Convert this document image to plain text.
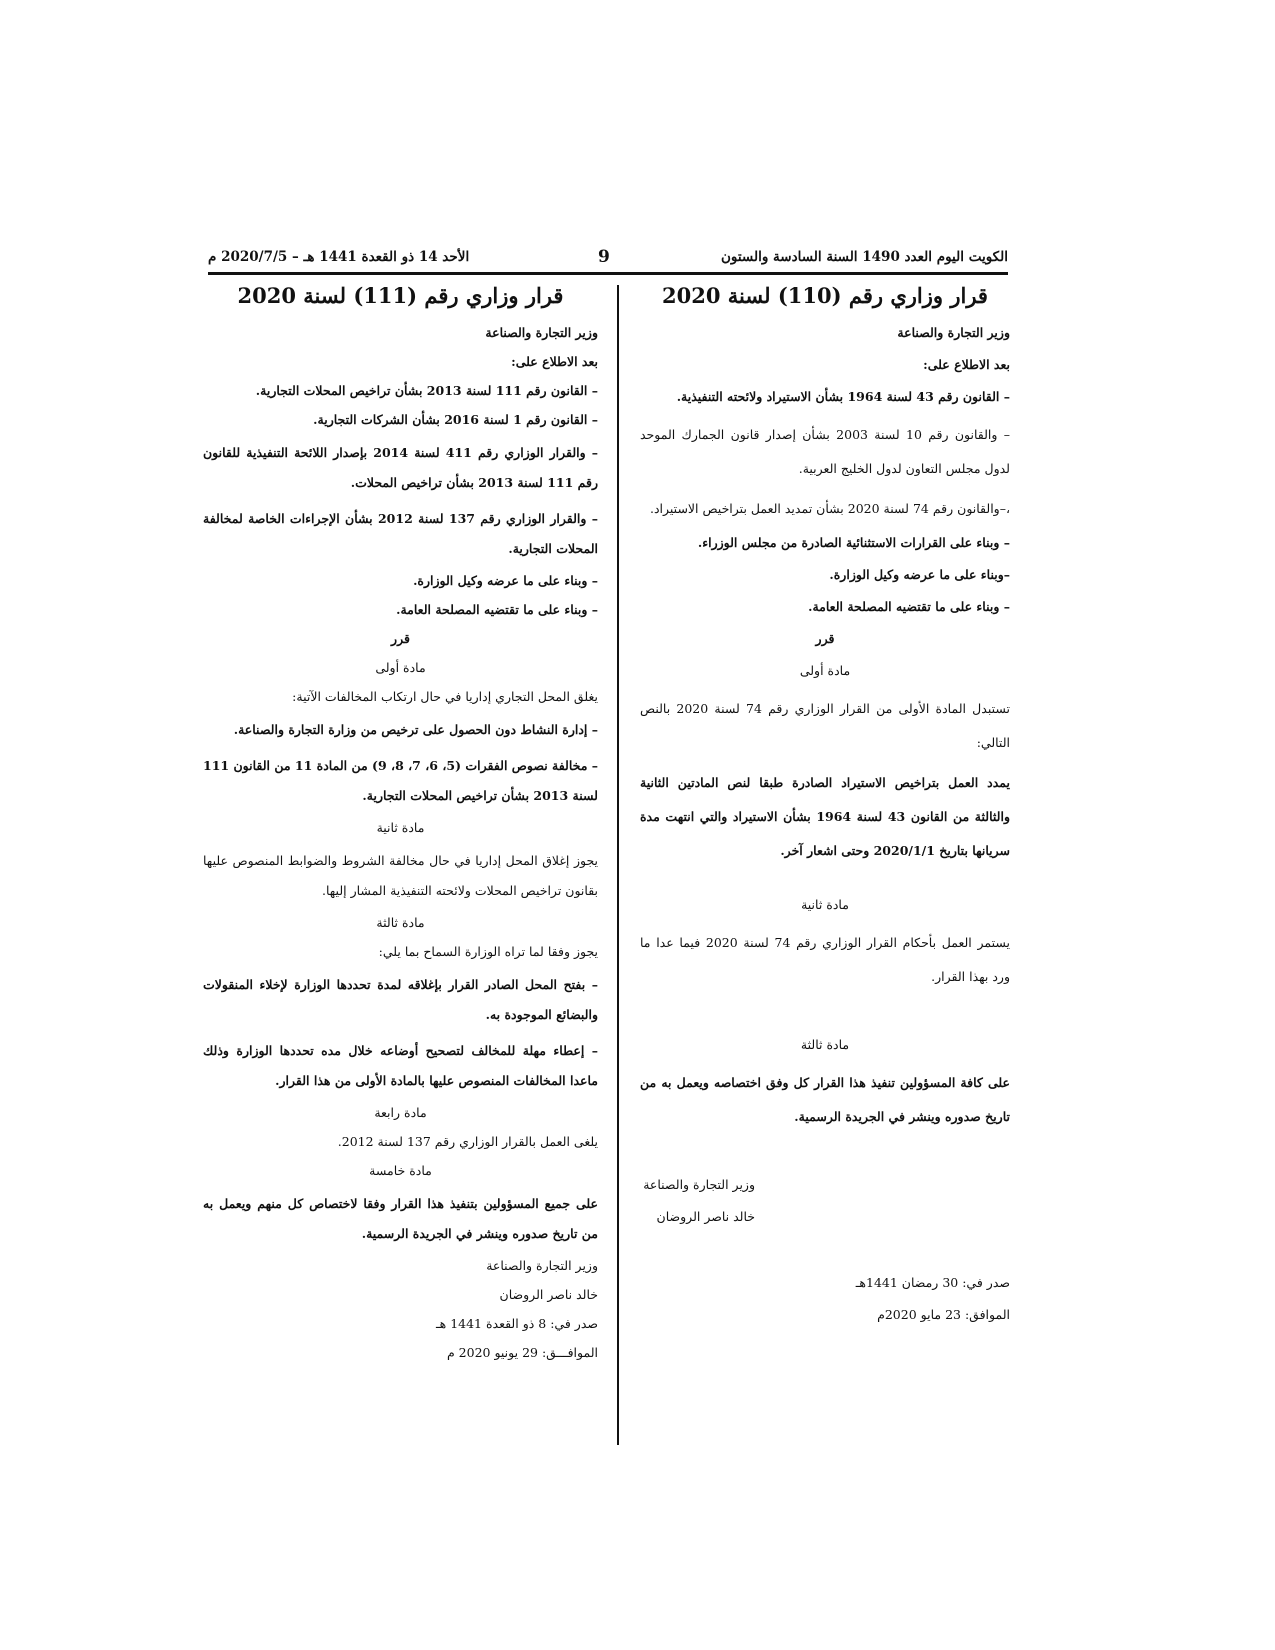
الكويت اليوم العدد 1490 السنة السادسة والستون
9
الأحد 14 ذو القعدة 1441 هـ – 2020/7/5 م
قرار وزاري رقم (110) لسنة 2020
وزير التجارة والصناعة
بعد الاطلاع على:
– القانون رقم 43 لسنة 1964 بشأن الاستيراد ولائحته التنفيذية.
– والقانون رقم 10 لسنة 2003 بشأن إصدار قانون الجمارك الموحد لدول مجلس التعاون لدول الخليج العربية.
،–والقانون رقم 74 لسنة 2020 بشأن تمديد العمل بتراخيص الاستيراد.
– وبناء على القرارات الاستثنائية الصادرة من مجلس الوزراء.
–وبناء على ما عرضه وكيل الوزارة.
– وبناء على ما تقتضيه المصلحة العامة.
قرر
مادة أولى
تستبدل المادة الأولى من القرار الوزاري رقم 74 لسنة 2020 بالنص التالي:
يمدد العمل بتراخيص الاستيراد الصادرة طبقا لنص المادتين الثانية والثالثة من القانون 43 لسنة 1964 بشأن الاستيراد والتي انتهت مدة سريانها بتاريخ 2020/1/1 وحتى اشعار آخر.
مادة ثانية
يستمر العمل بأحكام القرار الوزاري رقم 74 لسنة 2020 فيما عدا ما ورد بهذا القرار.
مادة ثالثة
على كافة المسؤولين تنفيذ هذا القرار كل وفق اختصاصه ويعمل به من تاريخ صدوره وينشر في الجريدة الرسمية.
وزير التجارة والصناعة
خالد ناصر الروضان
صدر في: 30 رمضان 1441هـ
الموافق: 23 مايو 2020م
قرار وزاري رقم (111) لسنة 2020
وزير التجارة والصناعة
بعد الاطلاع على:
– القانون رقم 111 لسنة 2013 بشأن تراخيص المحلات التجارية.
– القانون رقم 1 لسنة 2016 بشأن الشركات التجارية.
– والقرار الوزاري رقم 411 لسنة 2014 بإصدار اللائحة التنفيذية للقانون رقم 111 لسنة 2013 بشأن تراخيص المحلات.
– والقرار الوزاري رقم 137 لسنة 2012 بشأن الإجراءات الخاصة لمخالفة المحلات التجارية.
– وبناء على ما عرضه وكيل الوزارة.
– وبناء على ما تقتضيه المصلحة العامة.
قرر
مادة أولى
يغلق المحل التجاري إداريا في حال ارتكاب المخالفات الآتية:
– إدارة النشاط دون الحصول على ترخيص من وزارة التجارة والصناعة.
– مخالفة نصوص الفقرات (5، 6، 7، 8، 9) من المادة 11 من القانون 111 لسنة 2013 بشأن تراخيص المحلات التجارية.
مادة ثانية
يجوز إغلاق المحل إداريا في حال مخالفة الشروط والضوابط المنصوص عليها بقانون تراخيص المحلات ولائحته التنفيذية المشار إليها.
مادة ثالثة
يجوز وفقا لما تراه الوزارة السماح بما يلي:
– بفتح المحل الصادر القرار بإغلاقه لمدة تحددها الوزارة لإخلاء المنقولات والبضائع الموجودة به.
– إعطاء مهلة للمخالف لتصحيح أوضاعه خلال مده تحددها الوزارة وذلك ماعدا المخالفات المنصوص عليها بالمادة الأولى من هذا القرار.
مادة رابعة
يلغى العمل بالقرار الوزاري رقم 137 لسنة 2012.
مادة خامسة
على جميع المسؤولين بتنفيذ هذا القرار وفقا لاختصاص كل منهم ويعمل به من تاريخ صدوره وينشر في الجريدة الرسمية.
وزير التجارة والصناعة
خالد ناصر الروضان
صدر في: 8 ذو القعدة 1441 هـ
الموافـــق: 29 يونيو 2020 م
